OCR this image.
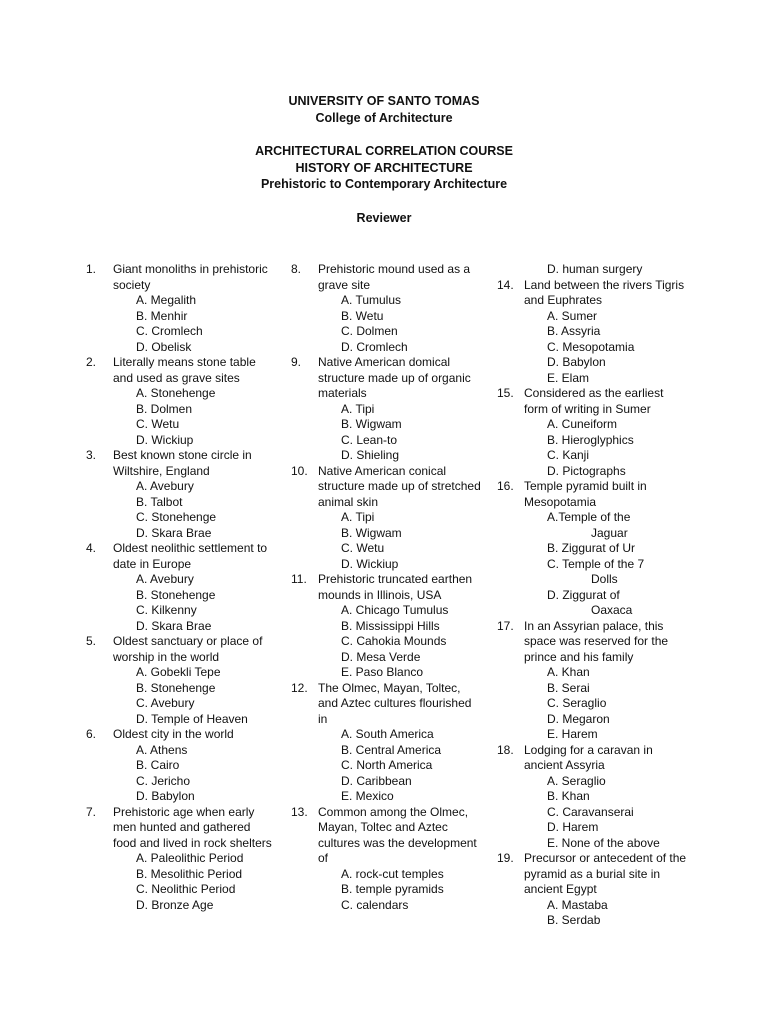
UNIVERSITY OF SANTO TOMAS
College of Architecture
ARCHITECTURAL CORRELATION COURSE
HISTORY OF ARCHITECTURE
Prehistoric to Contemporary Architecture
Reviewer
1.	Giant monoliths in prehistoric society
A. Megalith
B. Menhir
C. Cromlech
D. Obelisk
2.	Literally means stone table and used as grave sites
A. Stonehenge
B. Dolmen
C. Wetu
D. Wickiup
3.	Best known stone circle in Wiltshire, England
A. Avebury
B. Talbot
C. Stonehenge
D. Skara Brae
4.	Oldest neolithic settlement to date in Europe
A. Avebury
B. Stonehenge
C. Kilkenny
D. Skara Brae
5.	Oldest sanctuary or place of worship in the world
A. Gobekli Tepe
B. Stonehenge
C. Avebury
D. Temple of Heaven
6.	Oldest city in the world
A. Athens
B. Cairo
C. Jericho
D. Babylon
7.	Prehistoric age when early men hunted and gathered food and lived in rock shelters
A. Paleolithic Period
B. Mesolithic Period
C. Neolithic Period
D. Bronze Age
8.	Prehistoric mound used as a grave site
A. Tumulus
B. Wetu
C. Dolmen
D. Cromlech
9.	Native American domical structure made up of organic materials
A. Tipi
B. Wigwam
C. Lean-to
D. Shieling
10. Native American conical structure made up of stretched animal skin
A. Tipi
B. Wigwam
C. Wetu
D. Wickiup
11. Prehistoric truncated earthen mounds in Illinois, USA
A. Chicago Tumulus
B. Mississippi Hills
C. Cahokia Mounds
D. Mesa Verde
E. Paso Blanco
12. The Olmec, Mayan, Toltec, and Aztec cultures flourished in
A. South America
B. Central America
C. North America
D. Caribbean
E. Mexico
13. Common among the Olmec, Mayan, Toltec and Aztec cultures was the development of
A. rock-cut temples
B. temple pyramids
C. calendars
D. human surgery
14. Land between the rivers Tigris and Euphrates
A. Sumer
B. Assyria
C. Mesopotamia
D. Babylon
E. Elam
15. Considered as the earliest form of writing in Sumer
A. Cuneiform
B. Hieroglyphics
C. Kanji
D. Pictographs
16. Temple pyramid built in Mesopotamia
A.Temple of the
Jaguar
B. Ziggurat of Ur
C. Temple of the 7
Dolls
D. Ziggurat of
Oaxaca
17. In an Assyrian palace, this space was reserved for the prince and his family
A. Khan
B. Serai
C. Seraglio
D. Megaron
E. Harem
18. Lodging for a caravan in ancient Assyria
A. Seraglio
B. Khan
C. Caravanserai
D. Harem
E. None of the above
19. Precursor or antecedent of the pyramid as a burial site in ancient Egypt
A. Mastaba
B. Serdab
